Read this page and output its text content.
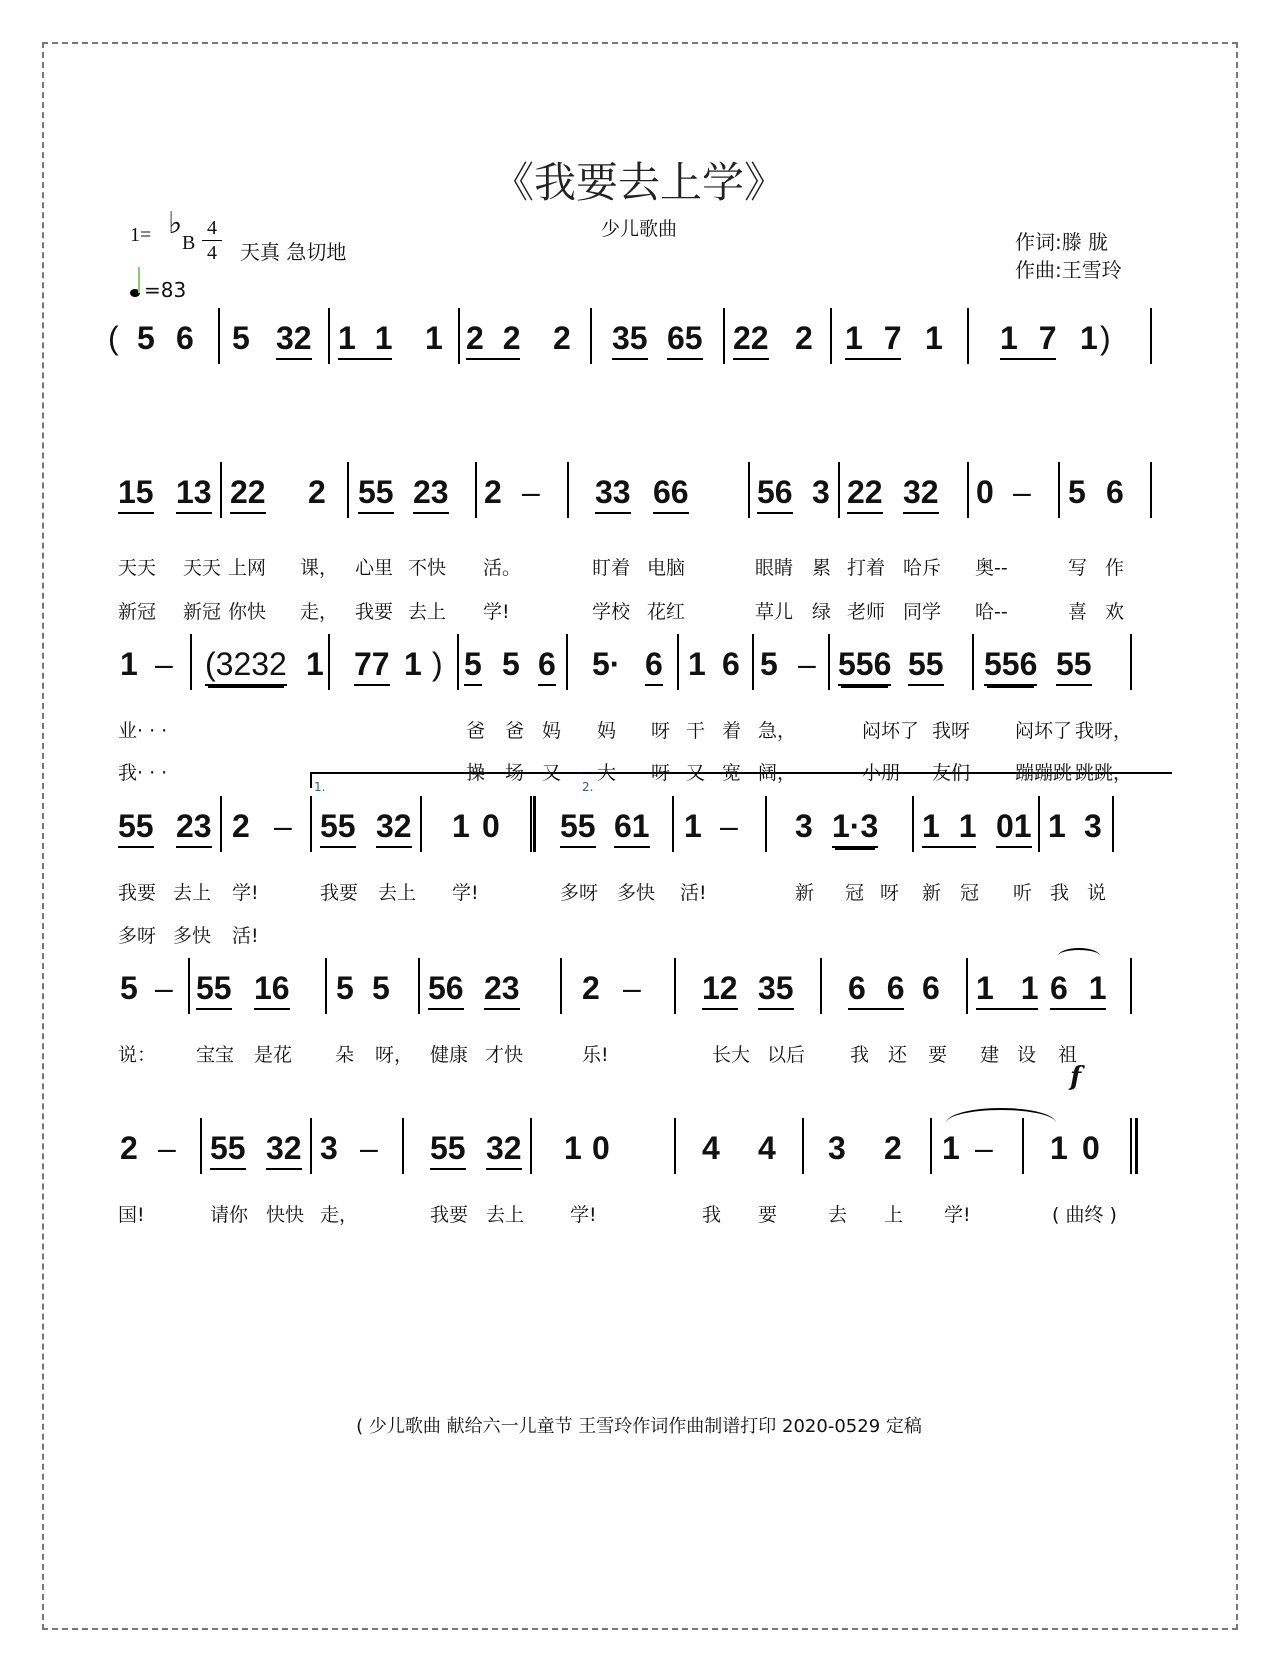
《我要去上学》
少儿歌曲
1= ♭
B
4
4 天真 急切地
=83
作词:滕 胧
作曲:王雪玲
( 5 6 5 32 1 1 1 2 2 2 35 65 22 2 1 7 1 1 7 1 )
15 13 22 2 55 23 2 – 33 66 56 3 22 32 0 – 5 6
天天 天天 上网 课， 心里 不快 活。	盯着 电脑	眼睛 累 打着 哈斥 奥--	写 作
新冠 新冠 你快 走， 我要 去上 学!	学校 花红	草儿 绿 老师 同学 哈--	喜 欢
1 – (3232 1 77 1 ) 5 5 6 5· 6 1 6 5 – 556 55 556 55
业· · ·	爸 爸 妈 妈 呀 干 着 急，	闷坏了 我呀 闷坏了 我呀，
1.	2.
我· · ·	操 场 又 大 呀 又 宽 阔，	小朋 友们 蹦蹦跳 跳跳，
55 23 2 – 55 32 1 0 55 61 1 – 3 1·3 1 1 01 1 3
我要 去上 学!	我要 去上 学!	多呀 多快 活!	新 冠 呀 新 冠 听 我 说
多呀 多快 活!
5 – 55 16 5 5 56 23 2 – 12 35 6 6 6 1 1 6 1
说： 宝宝 是花 朵 呀， 健康 才快	乐!	长大 以后 我 还 要 建 设 祖
2 – 55 32 3 – 55 32 1 0	4 4 3 2 1 – 1 0
f
国!	请你 快快 走，	我要 去上 学!	我 要	去 上 学!	( 曲终 )
( 少儿歌曲 献给六一儿童节 王雪玲作词作曲制谱打印 2020-0529 定稿
